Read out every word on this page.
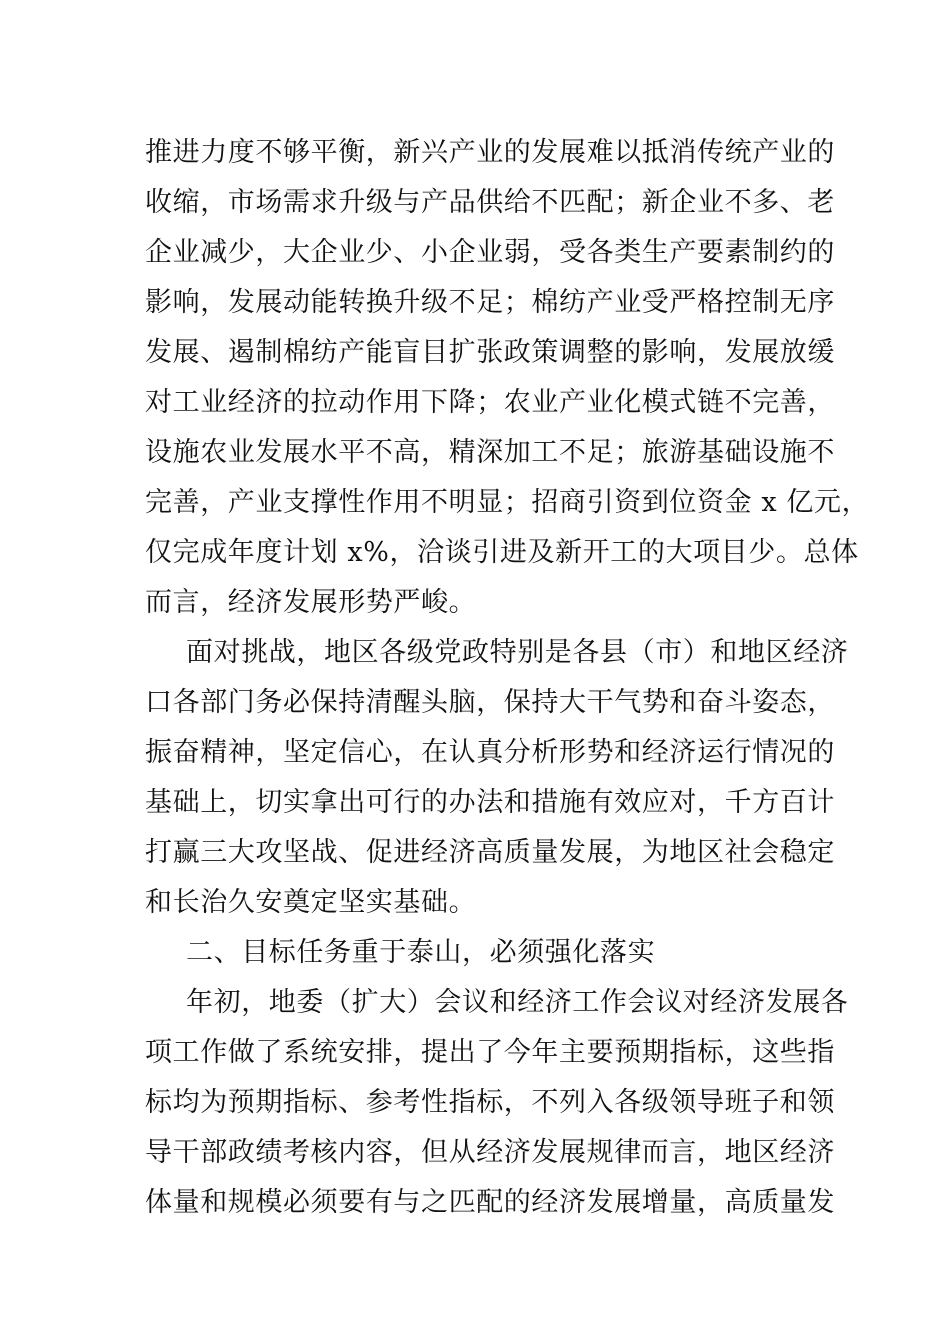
推进力度不够平衡，新兴产业的发展难以抵消传统产业的
收缩，市场需求升级与产品供给不匹配；新企业不多、老
企业减少，大企业少、小企业弱，受各类生产要素制约的
影响，发展动能转换升级不足；棉纺产业受严格控制无序
发展、遏制棉纺产能盲目扩张政策调整的影响，发展放缓
对工业经济的拉动作用下降；农业产业化模式链不完善，
设施农业发展水平不高，精深加工不足；旅游基础设施不
完善，产业支撑性作用不明显；招商引资到位资金 x 亿元，
仅完成年度计划 x%，洽谈引进及新开工的大项目少。总体
而言，经济发展形势严峻。
面对挑战，地区各级党政特别是各县（市）和地区经济
口各部门务必保持清醒头脑，保持大干气势和奋斗姿态，
振奋精神，坚定信心，在认真分析形势和经济运行情况的
基础上，切实拿出可行的办法和措施有效应对，千方百计
打赢三大攻坚战、促进经济高质量发展，为地区社会稳定
和长治久安奠定坚实基础。
二、目标任务重于泰山，必须强化落实
年初，地委（扩大）会议和经济工作会议对经济发展各
项工作做了系统安排，提出了今年主要预期指标，这些指
标均为预期指标、参考性指标，不列入各级领导班子和领
导干部政绩考核内容，但从经济发展规律而言，地区经济
体量和规模必须要有与之匹配的经济发展增量，高质量发
